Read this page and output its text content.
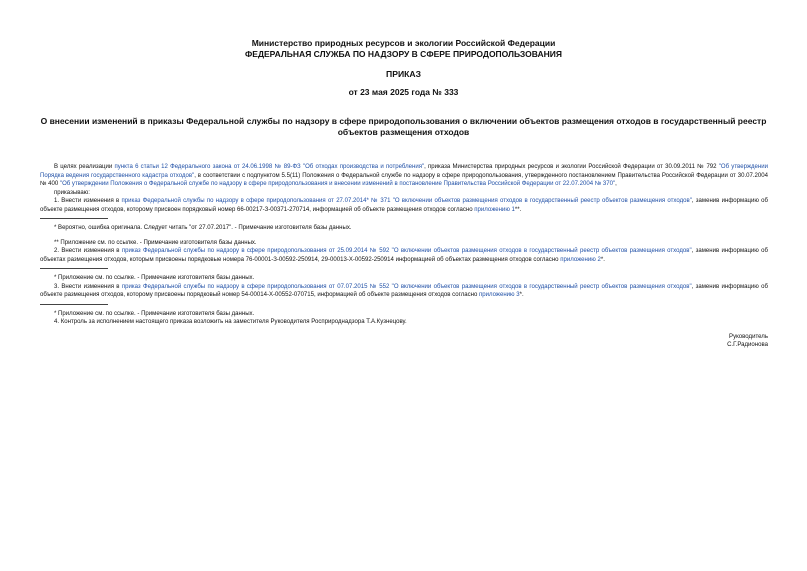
Министерство природных ресурсов и экологии Российской Федерации
ФЕДЕРАЛЬНАЯ СЛУЖБА ПО НАДЗОРУ В СФЕРЕ ПРИРОДОПОЛЬЗОВАНИЯ
ПРИКАЗ
от 23 мая 2025 года № 333
О внесении изменений в приказы Федеральной службы по надзору в сфере природопользования о включении объектов размещения отходов в государственный реестр объектов размещения отходов

В целях реализации пункта 6 статьи 12 Федерального закона от 24.06.1998 № 89-ФЗ "Об отходах производства и потребления", приказа Министерства природных ресурсов и экологии Российской Федерации от 30.09.2011 № 792 "Об утверждении Порядка ведения государственного кадастра отходов", в соответствии с подпунктом 5.5(11) Положения о Федеральной службе по надзору в сфере природопользования, утвержденного постановлением Правительства Российской Федерации от 30.07.2004 № 400 "Об утверждении Положения о Федеральной службе по надзору в сфере природопользования и внесении изменений в постановление Правительства Российской Федерации от 22.07.2004 № 370",

приказываю:

1. Внести изменения в приказ Федеральной службы по надзору в сфере природопользования от 27.07.2014* № 371 "О включении объектов размещения отходов в государственный реестр объектов размещения отходов", заменив информацию об объекте размещения отходов, которому присвоен порядковый номер 66-00217-З-00371-270714, информацией об объекте размещения отходов согласно приложению 1**.

* Вероятно, ошибка оригинала. Следует читать "от 27.07.2017". - Примечание изготовителя базы данных.

** Приложение см. по ссылке. - Примечание изготовителя базы данных.

2. Внести изменения в приказ Федеральной службы по надзору в сфере природопользования от 25.09.2014 № 592 "О включении объектов размещения отходов в государственный реестр объектов размещения отходов", заменив информацию об объектах размещения отходов, которым присвоены порядковые номера 76-00001-З-00592-250914, 29-00013-Х-00592-250914 информацией об объектах размещения отходов согласно приложению 2*.

* Приложение см. по ссылке. - Примечание изготовителя базы данных.

3. Внести изменения в приказ Федеральной службы по надзору в сфере природопользования от 07.07.2015 № 552 "О включении объектов размещения отходов в государственный реестр объектов размещения отходов", заменив информацию об объекте размещения отходов, которому присвоены порядковый номер 54-00014-Х-00552-070715, информацией об объекте размещения отходов согласно приложению 3*.

* Приложение см. по ссылке. - Примечание изготовителя базы данных.

4. Контроль за исполнением настоящего приказа возложить на заместителя Руководителя Росприроднадзора Т.А.Кузнецову.

Руководитель

С.Г.Радионова
